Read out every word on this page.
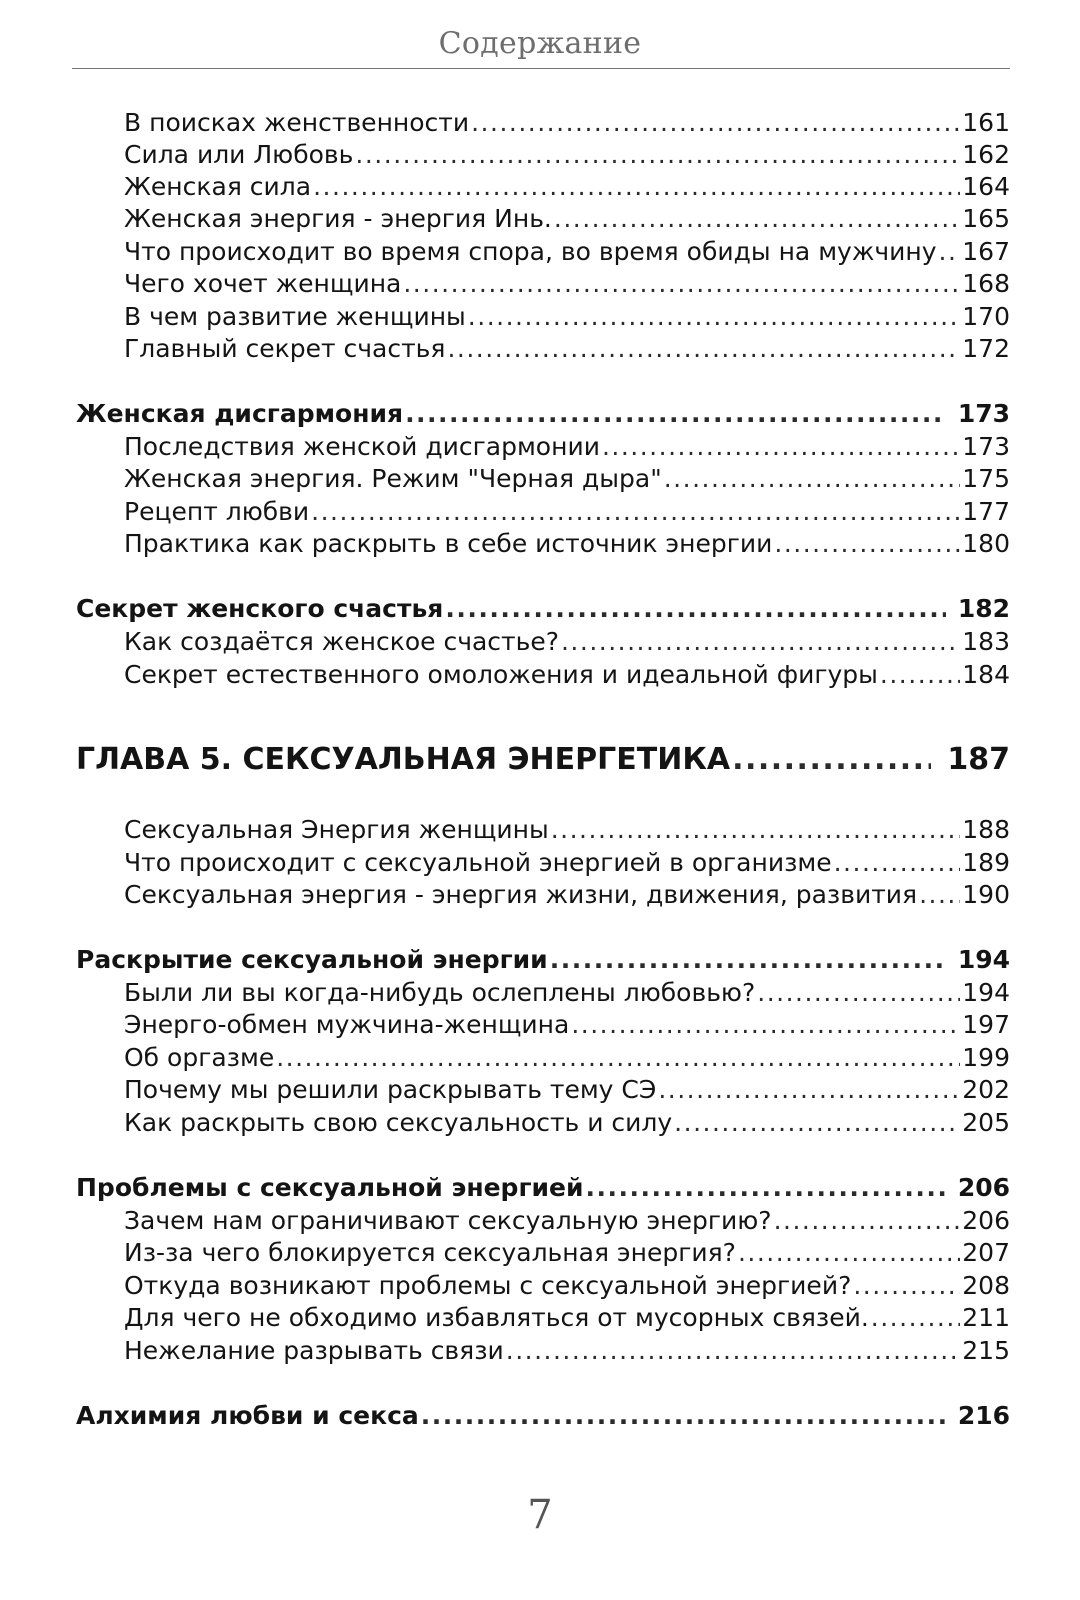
Содержание
В поисках женственности .....	161
Сила или Любовь .....	162
Женская сила .....	164
Женская энергия - энергия Инь. .....	165
Что происходит во время спора, во время обиды на мужчину ..... 167
Чего хочет женщина .....	168
В чем развитие женщины .....	170
Главный секрет счастья .....	172
Женская дисгармония .....	173
Последствия женской дисгармонии .....	173
Женская энергия. Режим "Черная дыра" .....	175
Рецепт любви .....	177
Практика как раскрыть в себе источник энергии .....	180
Секрет женского счастья .....	182
Как создаётся женское счастье? .....	183
Секрет естественного омоложения и идеальной фигуры .....	184
ГЛАВА 5. СЕКСУАЛЬНАЯ ЭНЕРГЕТИКА .....	187
Сексуальная Энергия женщины .....	188
Что происходит с сексуальной энергией в организме .....	189
Сексуальная энергия - энергия жизни, движения, развития ..... 190
Раскрытие сексуальной энергии .....	194
Были ли вы когда-нибудь ослеплены любовью? .....	194
Энерго-обмен мужчина-женщина .....	197
Об оргазме .....	199
Почему мы решили раскрывать тему СЭ .....	202
Как раскрыть свою сексуальность и силу .....	205
Проблемы с сексуальной энергией .....	206
Зачем нам ограничивают сексуальную энергию? .....	206
Из-за чего блокируется сексуальная энергия? .....	207
Откуда возникают проблемы с сексуальной энергией? .....	208
Для чего не обходимо избавляться от мусорных связей. .....	211
Нежелание разрывать связи .....	215
Алхимия любви и секса .....	216
7
